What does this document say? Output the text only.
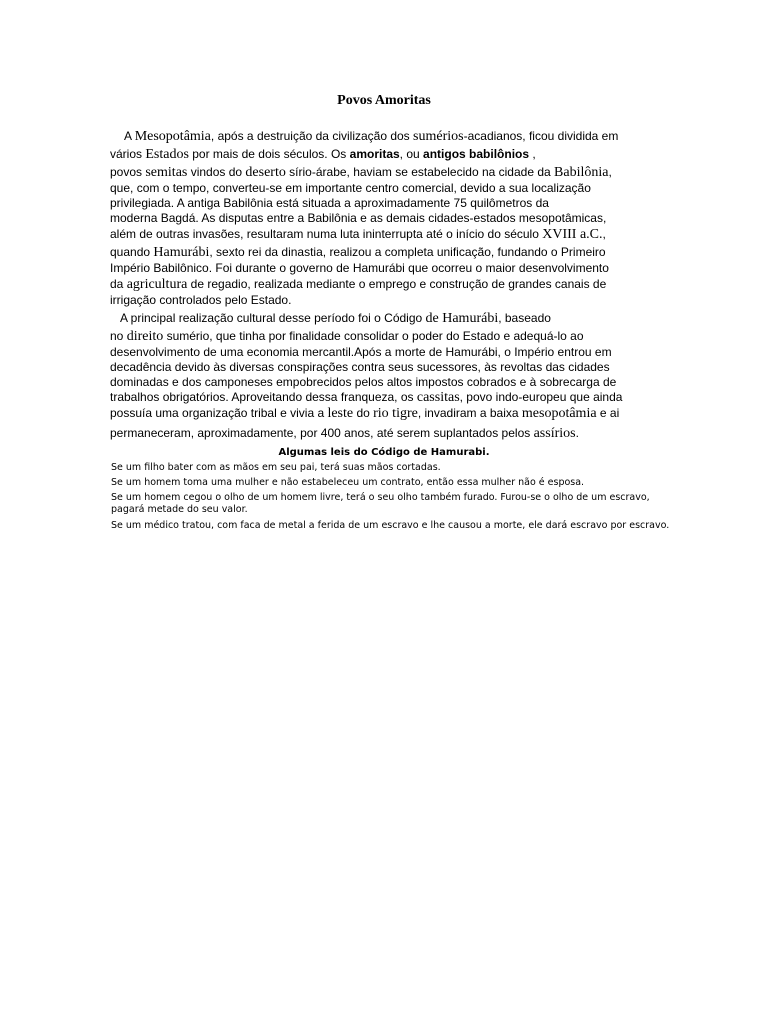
Povos Amoritas
A Mesopotâmia, após a destruição da civilização dos sumérios-acadianos, ficou dividida em
vários Estados por mais de dois séculos. Os amoritas, ou antigos babilônios ,
povos semitas vindos do deserto sírio-árabe, haviam se estabelecido na cidade da Babilônia,
que, com o tempo, converteu-se em importante centro comercial, devido a sua localização
privilegiada. A antiga Babilônia está situada a aproximadamente 75 quilômetros da
moderna Bagdá. As disputas entre a Babilônia e as demais cidades-estados mesopotâmicas,
além de outras invasões, resultaram numa luta ininterrupta até o início do século XVIII a.C.,
quando Hamurábi, sexto rei da dinastia, realizou a completa unificação, fundando o Primeiro
Império Babilônico. Foi durante o governo de Hamurábi que ocorreu o maior desenvolvimento
da agricultura de regadio, realizada mediante o emprego e construção de grandes canais de
irrigação controlados pelo Estado.
A principal realização cultural desse período foi o Código de Hamurábi, baseado
no direito sumério, que tinha por finalidade consolidar o poder do Estado e adequá-lo ao
desenvolvimento de uma economia mercantil.Após a morte de Hamurábi, o Império entrou em
decadência devido às diversas conspirações contra seus sucessores, às revoltas das cidades
dominadas e dos camponeses empobrecidos pelos altos impostos cobrados e à sobrecarga de
trabalhos obrigatórios. Aproveitando dessa franqueza, os cassitas, povo indo-europeu que ainda
possuía uma organização tribal e vivia a leste do rio tigre, invadiram a baixa mesopotâmia e ai
permaneceram, aproximadamente, por 400 anos, até serem suplantados pelos assírios.
Algumas leis do Código de Hamurabi.
Se um filho bater com as mãos em seu pai, terá suas mãos cortadas.
Se um homem toma uma mulher e não estabeleceu um contrato, então essa mulher não é esposa.
Se um homem cegou o olho de um homem livre, terá o seu olho também furado. Furou-se o olho de um escravo, pagará metade do seu valor.
Se um médico tratou, com faca de metal a ferida de um escravo e lhe causou a morte, ele dará escravo por escravo.
